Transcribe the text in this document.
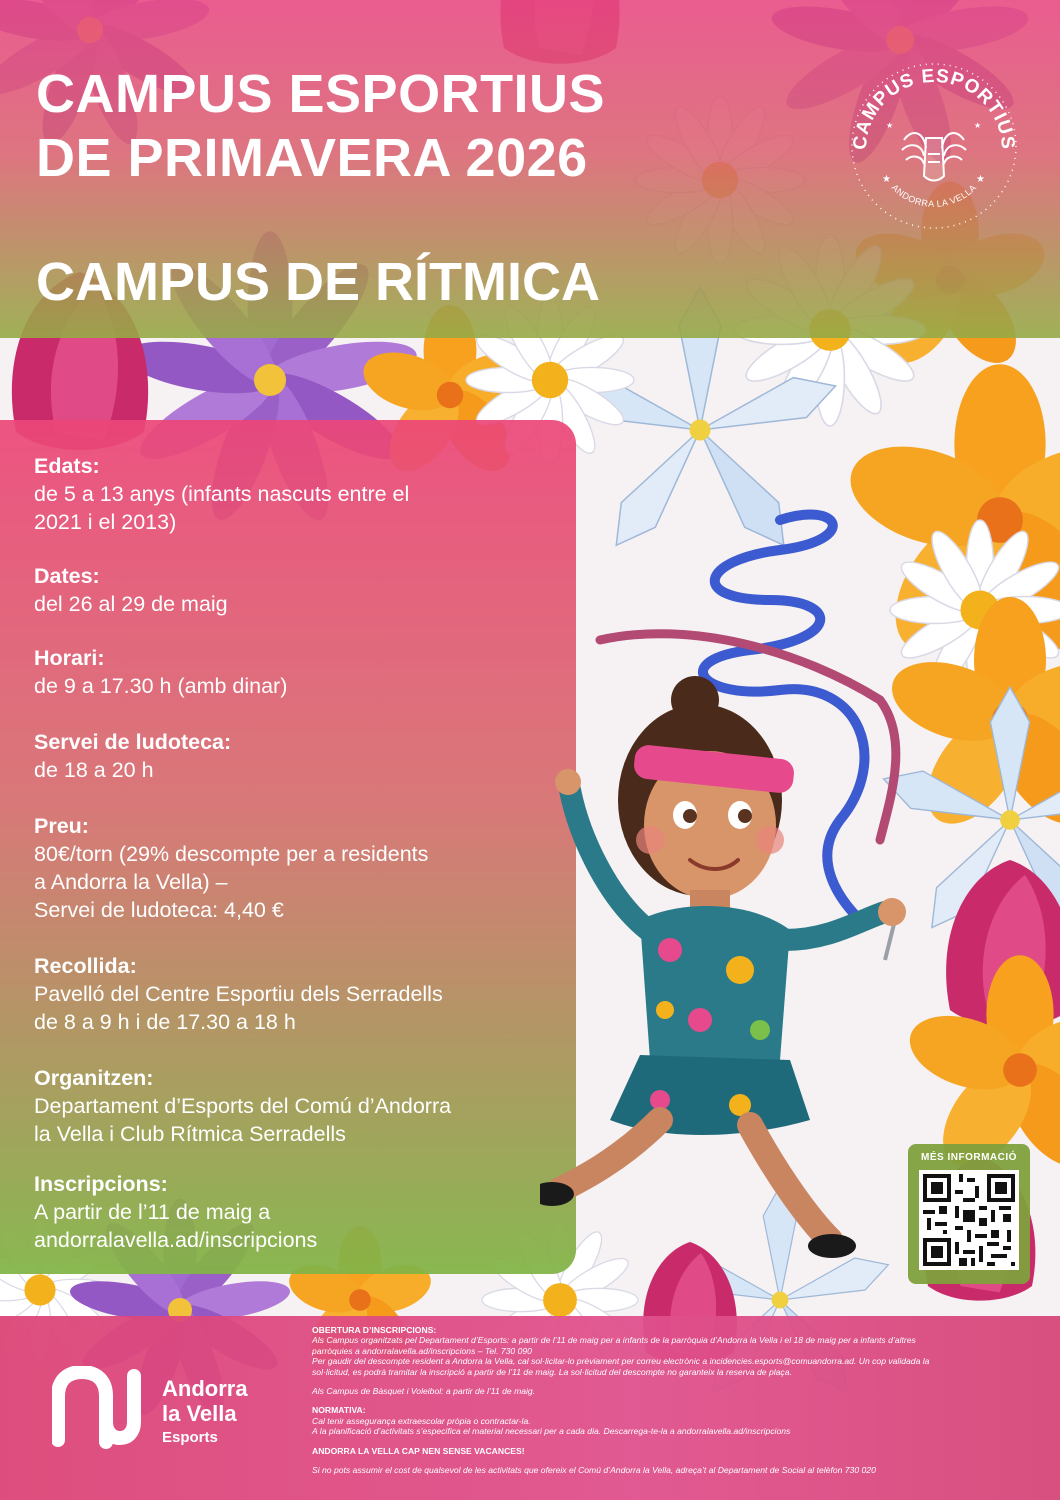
CAMPUS ESPORTIUS
DE PRIMAVERA 2026
CAMPUS DE RÍTMICA
CAMPUS ESPORTIUS
ANDORRA LA VELLA
★	★
★	★
Edats:
de 5 a 13 anys (infants nascuts entre el
2021 i el 2013)
Dates:
del 26 al 29 de maig
Horari:
de 9 a 17.30 h (amb dinar)
Servei de ludoteca:
de 18 a 20 h
Preu:
80€/torn (29% descompte per a residents
a Andorra la Vella) –
Servei de ludoteca: 4,40 €
Recollida:
Pavelló del Centre Esportiu dels Serradells
de 8 a 9 h i de 17.30 a 18 h
Organitzen:
Departament d’Esports del Comú d’Andorra
la Vella i Club Rítmica Serradells
Inscripcions:
A partir de l’11 de maig a
andorralavella.ad/inscripcions
MÉS INFORMACIÓ
Andorra
la Vella
Esports
OBERTURA D’INSCRIPCIONS:
Als Campus organitzats pel Departament d’Esports: a partir de l’11 de maig per a infants de la parròquia d’Andorra la Vella i el 18 de maig per a infants d’altres
parròquies a andorralavella.ad/inscripcions – Tel. 730 090
Per gaudir del descompte resident a Andorra la Vella, cal sol·licitar-lo prèviament per correu electrònic a incidencies.esports@comuandorra.ad. Un cop validada la
sol·licitud, es podrà tramitar la inscripció a partir de l’11 de maig. La sol·licitud del descompte no garanteix la reserva de plaça.
Als Campus de Bàsquet i Voleibol: a partir de l’11 de maig.
NORMATIVA:
Cal tenir assegurança extraescolar pròpia o contractar-la.
A la planificació d’activitats s’especifica el material necessari per a cada dia. Descarrega-te-la a andorralavella.ad/inscripcions
ANDORRA LA VELLA CAP NEN SENSE VACANCES!
Si no pots assumir el cost de qualsevol de les activitats que ofereix el Comú d’Andorra la Vella, adreça’t al Departament de Social al telèfon 730 020
